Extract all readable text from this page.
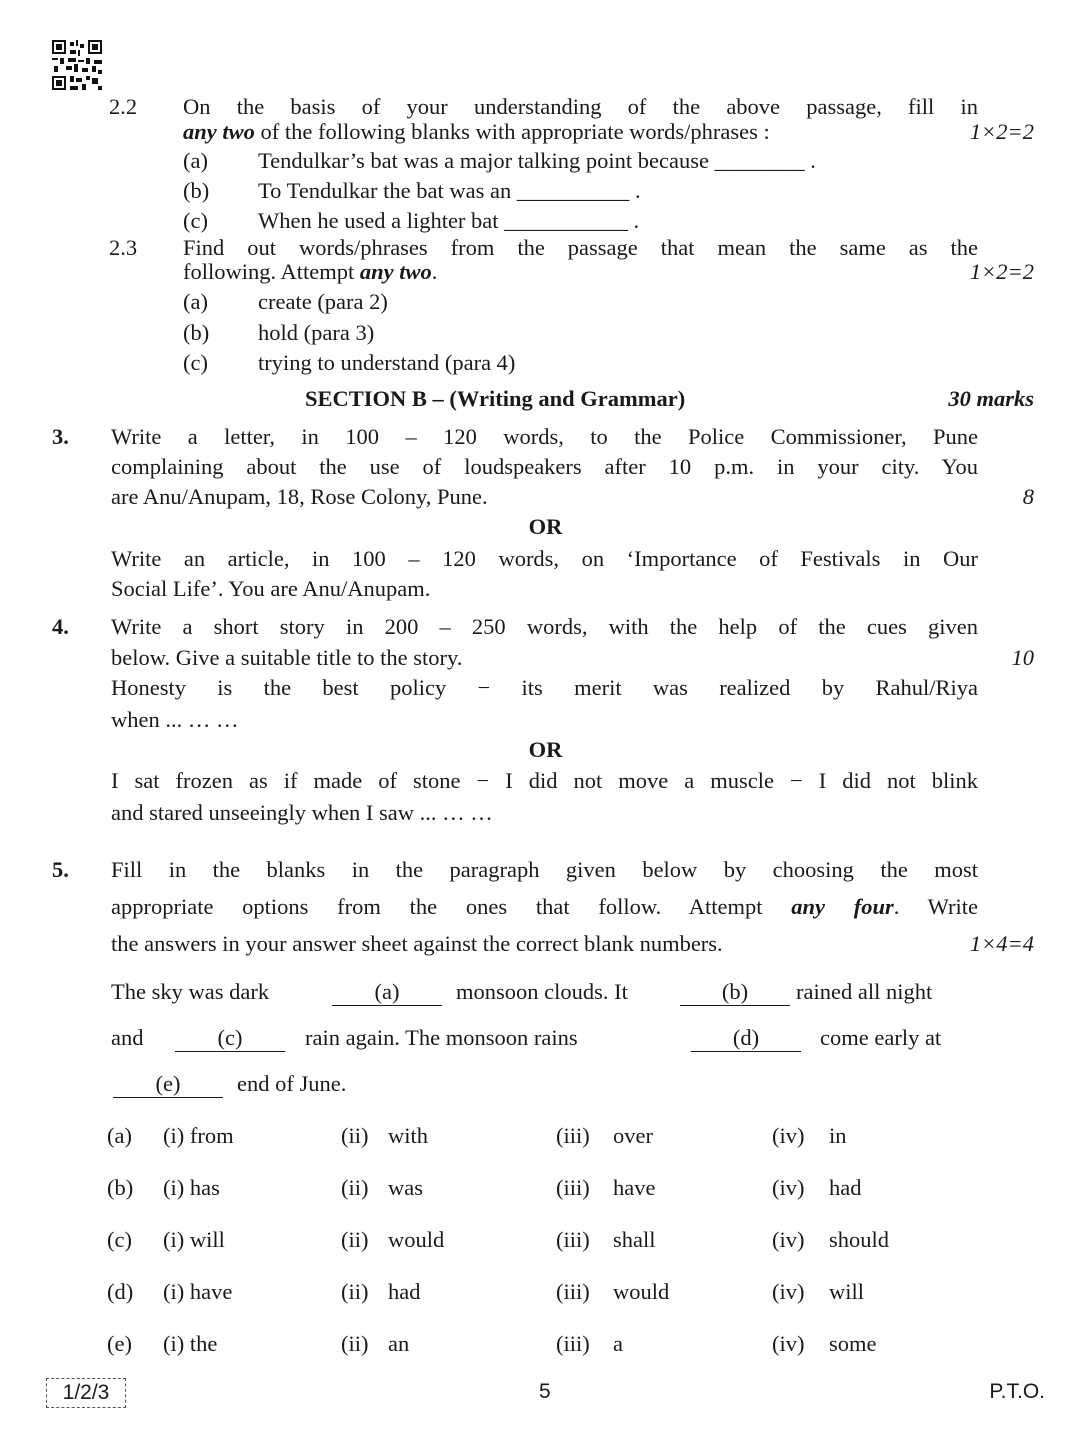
2.2 On the basis of your understanding of the above passage, fill in
any two of the following blanks with appropriate words/phrases :	1×2=2
(a) Tendulkar’s bat was a major talking point because ________ .
(b) To Tendulkar the bat was an __________ .
(c) When he used a lighter bat ___________ .
2.3 Find out words/phrases from the passage that mean the same as the
following. Attempt any two.	1×2=2
(a) create (para 2)
(b) hold (para 3)
(c) trying to understand (para 4)
SECTION B – (Writing and Grammar)	30 marks
3. Write a letter, in 100 – 120 words, to the Police Commissioner, Pune
complaining about the use of loudspeakers after 10 p.m. in your city. You
are Anu/Anupam, 18, Rose Colony, Pune.	8
OR
Write an article, in 100 – 120 words, on ‘Importance of Festivals in Our
Social Life’. You are Anu/Anupam.
4. Write a short story in 200 – 250 words, with the help of the cues given
below. Give a suitable title to the story.	10
Honesty is the best policy − its merit was realized by Rahul/Riya
when ... … …
OR
I sat frozen as if made of stone − I did not move a muscle − I did not blink
and stared unseeingly when I saw ... … …
5. Fill in the blanks in the paragraph given below by choosing the most
appropriate options from the ones that follow. Attempt any four. Write
the answers in your answer sheet against the correct blank numbers.	1×4=4
The sky was dark	(a)	monsoon clouds. It	(b)	rained all night
and	(c)	rain again. The monsoon rains	(d)	come early at
(e)	end of June.
(a) (i) from	(ii) with	(iii) over	(iv) in
(b) (i) has	(ii) was	(iii) have	(iv) had
(c) (i) will	(ii) would	(iii) shall	(iv) should
(d) (i) have	(ii) had	(iii) would	(iv) will
(e) (i) the	(ii) an	(iii) a	(iv) some
1/2/3	5	P.T.O.
